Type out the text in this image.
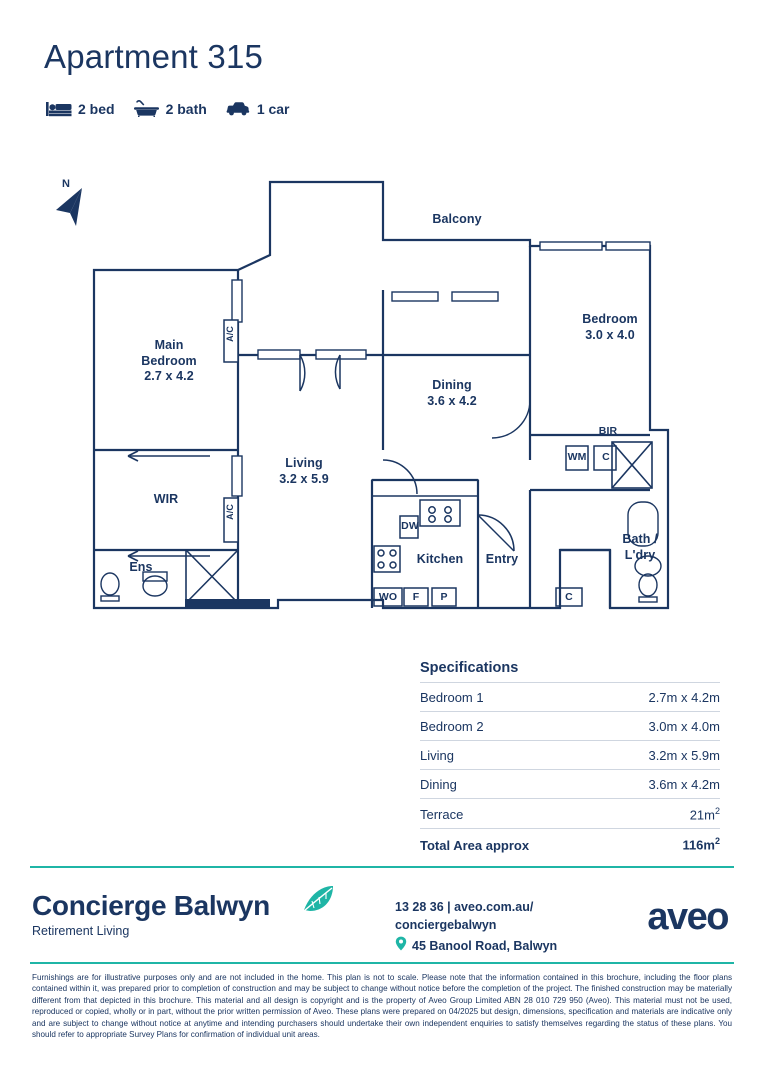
Apartment 315
2 bed	2 bath	1 car
N
Balcony
Bedroom
3.0 x 4.0
Main
Bedroom
2.7 x 4.2
Dining
3.6 x 4.2
Living
3.2 x 5.9
Kitchen	Entry
WIR
Ens
Bath /
L'dry
BIR
A/C
A/C
DW
WO	F	P
WM	C
C
Specifications
Bedroom 1	2.7m x 4.2m
Bedroom 2	3.0m x 4.0m
Living	3.2m x 5.9m
Dining	3.6m x 4.2m
Terrace	$21m^2$
Total Area approx	$116m^2$
Concierge Balwyn
Retirement Living
13 28 36 | aveo.com.au/
conciergebalwyn
45 Banool Road, Balwyn
aveo
Furnishings are for illustrative purposes only and are not included in the home. This plan is not to scale. Please note that the information contained in this brochure, including the floor plans contained within it, was prepared prior to completion of construction and may be subject to change without notice before the completion of the project. The finished construction may be materially different from that depicted in this brochure. This material and all design is copyright and is the property of Aveo Group Limited ABN 28 010 729 950 (Aveo). This material must not be used, reproduced or copied, wholly or in part, without the prior written permission of Aveo. These plans were prepared on 04/2025 but design, dimensions, specification and materials are indicative only and are subject to change without notice at anytime and intending purchasers should undertake their own independent enquiries to satisfy themselves regarding the status of these plans. You should refer to appropriate Survey Plans for confirmation of individual unit areas.
